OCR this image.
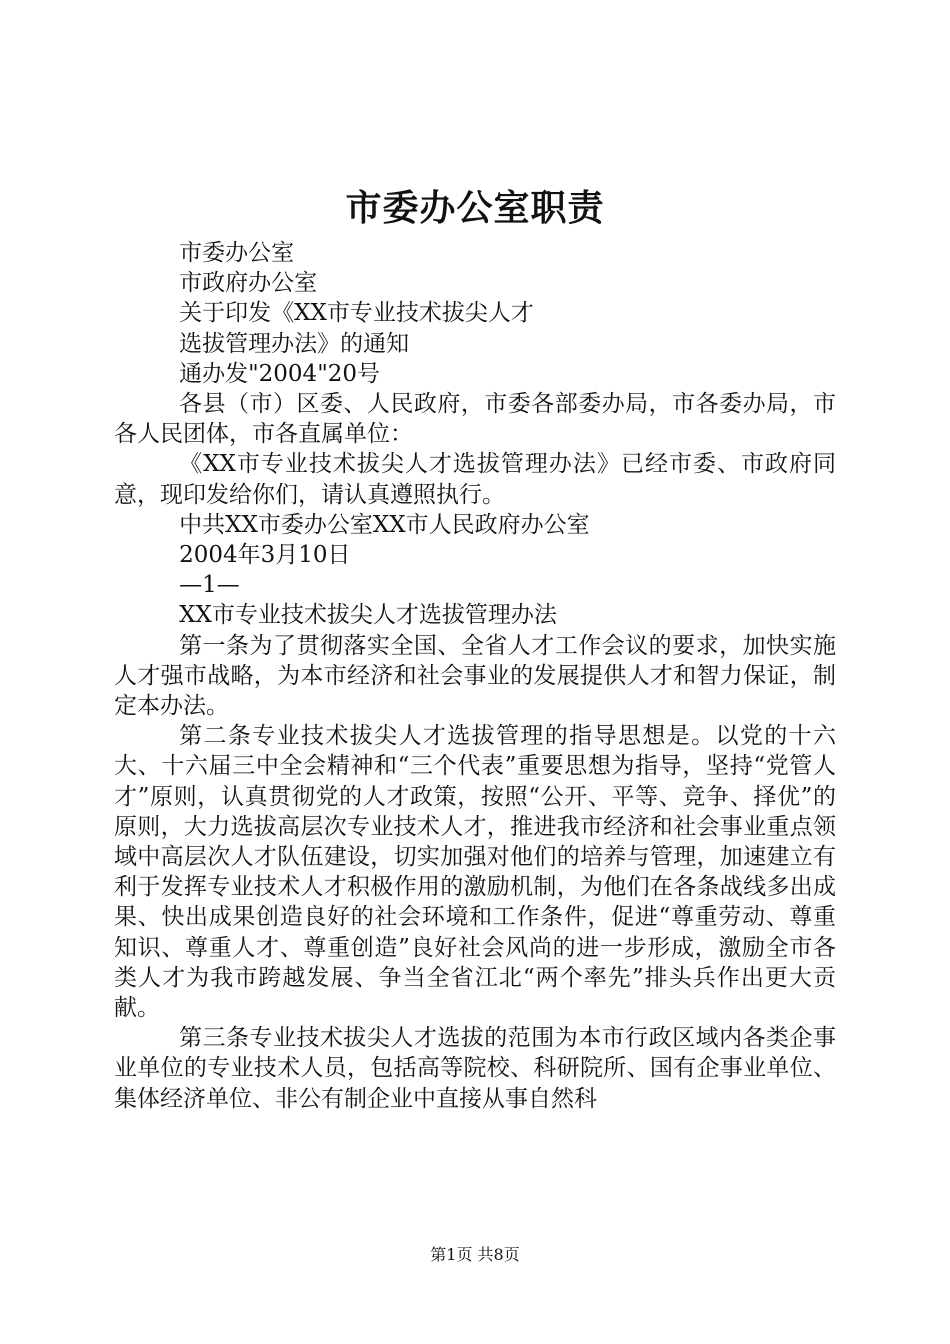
市委办公室职责

市委办公室

市政府办公室

关于印发《XX市专业技术拔尖人才

选拔管理办法》的通知

通办发"2004"20号

各县（市）区委、人民政府，市委各部委办局，市各委办局，市各人民团体，市各直属单位：

《XX市专业技术拔尖人才选拔管理办法》已经市委、市政府同意，现印发给你们，请认真遵照执行。

中共XX市委办公室XX市人民政府办公室

2004年3月10日

—1—

XX市专业技术拔尖人才选拔管理办法

第一条为了贯彻落实全国、全省人才工作会议的要求，加快实施人才强市战略，为本市经济和社会事业的发展提供人才和智力保证，制定本办法。

第二条专业技术拔尖人才选拔管理的指导思想是。以党的十六大、十六届三中全会精神和“三个代表”重要思想为指导，坚持“党管人才”原则，认真贯彻党的人才政策，按照“公开、平等、竞争、择优”的原则，大力选拔高层次专业技术人才，推进我市经济和社会事业重点领域中高层次人才队伍建设，切实加强对他们的培养与管理，加速建立有利于发挥专业技术人才积极作用的激励机制，为他们在各条战线多出成果、快出成果创造良好的社会环境和工作条件，促进“尊重劳动、尊重知识、尊重人才、尊重创造”良好社会风尚的进一步形成，激励全市各类人才为我市跨越发展、争当全省江北“两个率先”排头兵作出更大贡献。

第三条专业技术拔尖人才选拔的范围为本市行政区域内各类企事业单位的专业技术人员，包括高等院校、科研院所、国有企事业单位、集体经济单位、非公有制企业中直接从事自然科

第1页 共8页
